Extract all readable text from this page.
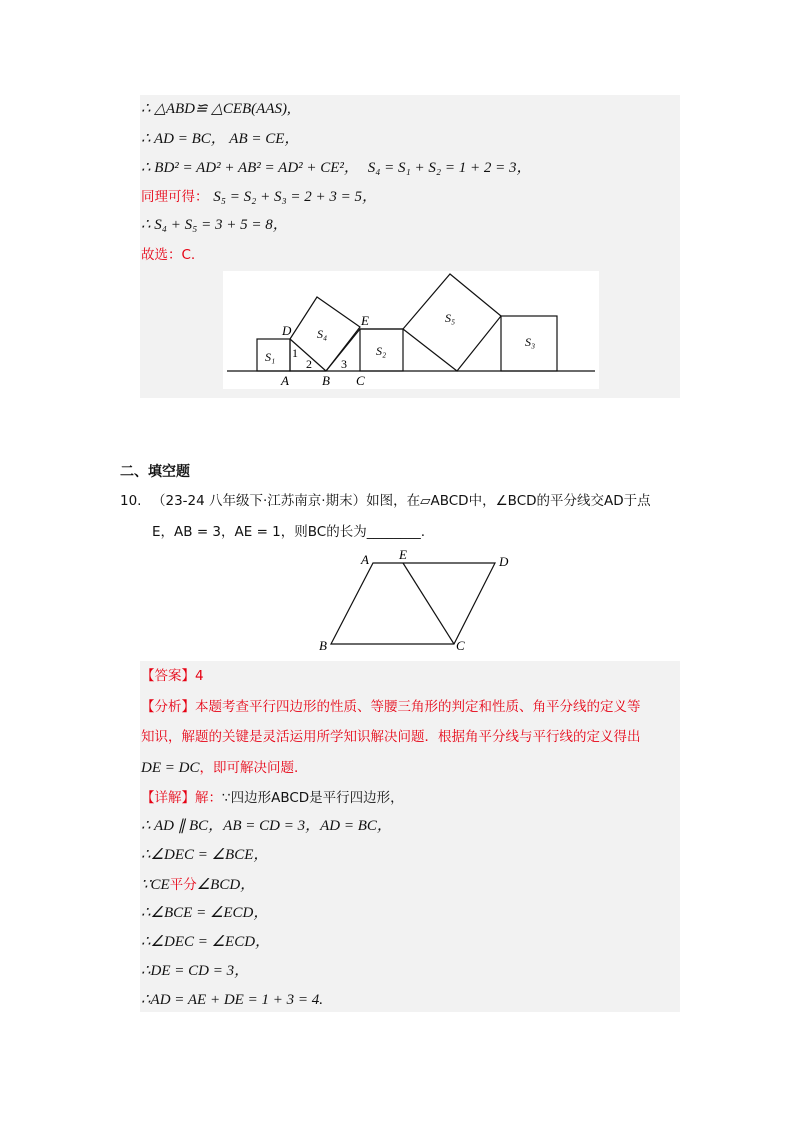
∴ △ABD≌ △CEB(AAS),
∴ AD = BC， AB = CE，
∴ BD² = AD² + AB² = AD² + CE²， S₄ = S₁ + S₂ = 1 + 2 = 3，
同理可得： S₅ = S₂ + S₃ = 2 + 3 = 5，
∴ S₄ + S₅ = 3 + 5 = 8，
故选：C.
D
E
A	B C
1
2 3
S₁
S₄
S₂
S₅
S₃
二、填空题
10. （23-24 八年级下·江苏南京·期末）如图，在▱ABCD中，∠BCD的平分线交AD于点
E，AB = 3，AE = 1，则BC的长为________.
A E	D
B	C
【答案】4
【分析】本题考查平行四边形的性质、等腰三角形的判定和性质、角平分线的定义等
知识，解题的关键是灵活运用所学知识解决问题．根据角平分线与平行线的定义得出
DE = DC，即可解决问题.
【详解】解：∵四边形ABCD是平行四边形，
∴ AD ∥ BC，AB = CD = 3，AD = BC，
∴∠DEC = ∠BCE，
∵CE平分∠BCD，
∴∠BCE = ∠ECD，
∴∠DEC = ∠ECD，
∴DE = CD = 3，
∴AD = AE + DE = 1 + 3 = 4.
